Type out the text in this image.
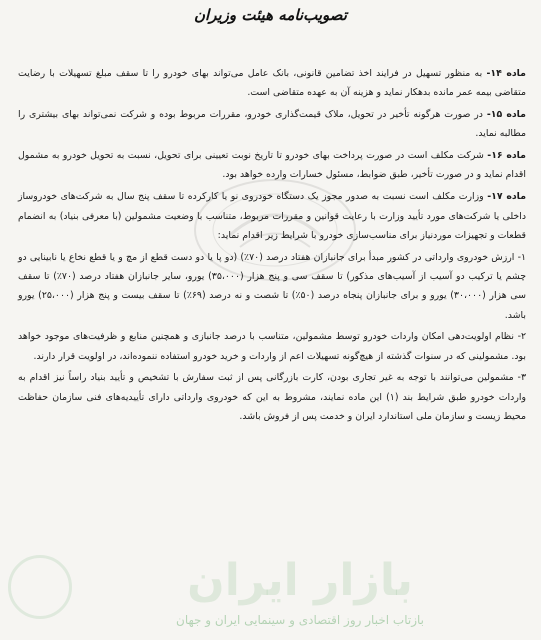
تصویب‌نامه هیئت وزیران

ماده ۱۴- به منظور تسهیل در فرایند اخذ تضامین قانونی، بانک عامل می‌تواند بهای خودرو را تا سقف مبلغ تسهیلات با رضایت متقاضی بیمه عمر مانده بدهکار نماید و هزینه آن به عهده متقاضی است.

ماده ۱۵- در صورت هرگونه تأخیر در تحویل، ملاک قیمت‌گذاری خودرو، مقررات مربوط بوده و شرکت نمی‌تواند بهای بیشتری را مطالبه نماید.

ماده ۱۶- شرکت مکلف است در صورت پرداخت بهای خودرو تا تاریخ نوبت تعیینی برای تحویل، نسبت به تحویل خودرو به مشمول اقدام نماید و در صورت تأخیر، طبق ضوابط، مسئول خسارات وارده خواهد بود.

ماده ۱۷- وزارت مکلف است نسبت به صدور مجوز یک دستگاه خودروی نو یا کارکرده تا سقف پنج سال به شرکت‌های خودروساز داخلی یا شرکت‌های مورد تأیید وزارت با رعایت قوانین و مقررات مربوط، متناسب با وضعیت مشمولین (با معرفی بنیاد) به انضمام قطعات و تجهیزات موردنیاز برای مناسب‌سازی خودرو با شرایط زیر اقدام نماید:

۱- ارزش خودروی وارداتی در کشور مبدأ برای جانبازان هفتاد درصد (۷۰٪) (دو پا یا دو دست قطع از مچ و یا قطع نخاع یا نابینایی دو چشم یا ترکیب دو آسیب از آسیب‌های مذکور) تا سقف سی و پنج هزار (۳۵،۰۰۰) یورو، سایر جانبازان هفتاد درصد (۷۰٪) تا سقف سی هزار (۳۰،۰۰۰) یورو و برای جانبازان پنجاه درصد (۵۰٪) تا شصت و نه درصد (۶۹٪) تا سقف بیست و پنج هزار (۲۵،۰۰۰) یورو باشد.

۲- نظام اولویت‌دهی امکان واردات خودرو توسط مشمولین، متناسب با درصد جانبازی و همچنین منابع و ظرفیت‌های موجود خواهد بود. مشمولینی که در سنوات گذشته از هیچ‌گونه تسهیلات اعم از واردات و خرید خودرو استفاده ننموده‌اند، در اولویت قرار دارند.

۳- مشمولین می‌توانند با توجه به غیر تجاری بودن، کارت بازرگانی پس از ثبت سفارش با تشخیص و تأیید بنیاد راساً نیز اقدام به واردات خودرو طبق شرایط بند (۱) این ماده نمایند، مشروط به این که خودروی وارداتی دارای تأییدیه‌های فنی سازمان حفاظت محیط زیست و سازمان ملی استاندارد ایران و خدمت پس از فروش باشد.

بازار ایران
بازتاب اخبار روز اقتصادی و سینمایی ایران و جهان
